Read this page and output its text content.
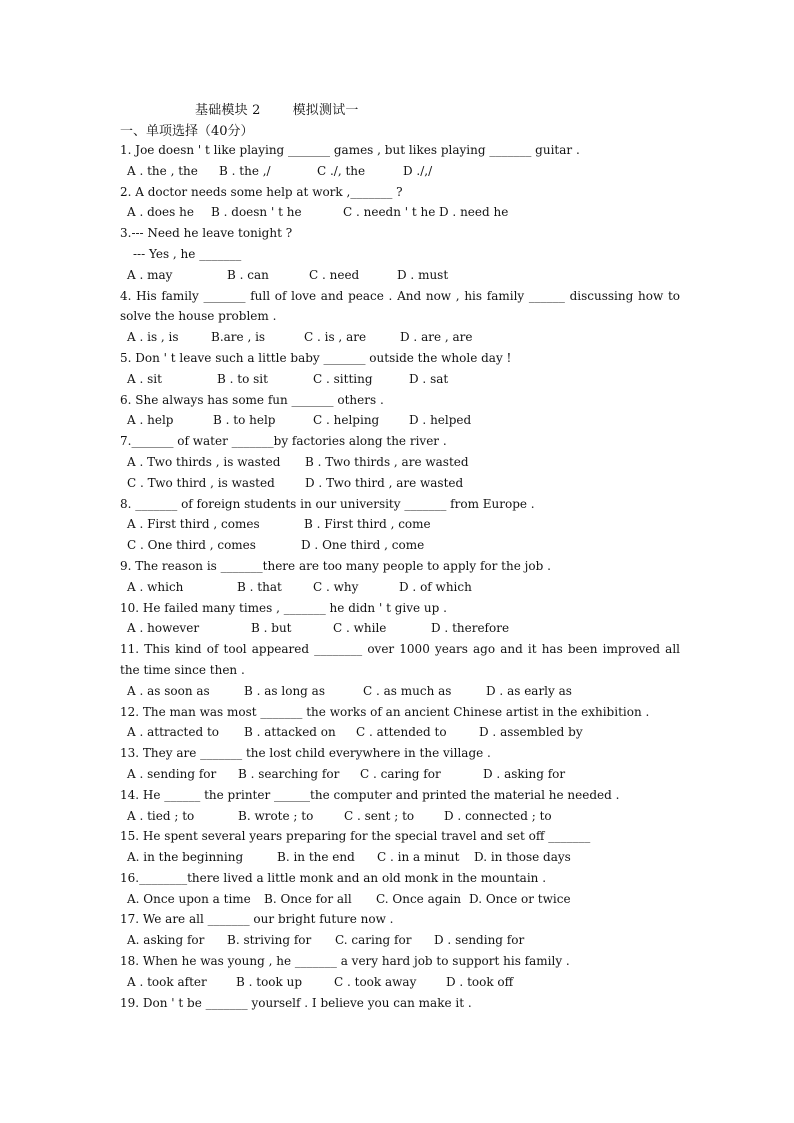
基础模块 2 模拟测试一
一、单项选择（40分）
1. Joe doesn ' t like playing _______ games , but likes playing _______ guitar .
A . the , the B . the ,/	C ./, the	D ./,/
2. A doctor needs some help at work ,_______ ?
A . does he B . doesn ' t he	C . needn ' t he D . need he
3.--- Need he leave tonight ?
--- Yes , he _______
A . may	B . can	C . need	D . must
4. His family _______ full of love and peace . And now , his family ______ discussing how to solve the house problem .
A . is , is	B.are , is	C . is , are	D . are , are
5. Don ' t leave such a little baby _______ outside the whole day !
A . sit	B . to sit	C . sitting	D . sat
6. She always has some fun _______ others .
A . help	B . to help	C . helping D . helped
7._______ of water _______by factories along the river .
A . Two thirds , is wasted B . Two thirds , are wasted
C . Two third , is wasted	D . Two third , are wasted
8. _______ of foreign students in our university _______ from Europe .
A . First third , comes	B . First third , come
C . One third , comes	D . One third , come
9. The reason is _______there are too many people to apply for the job .
A . which	B . that	C . why	D . of which
10. He failed many times , _______ he didn ' t give up .
A . however	B . but	C . while	D . therefore
11. This kind of tool appeared ________ over 1000 years ago and it has been improved all the time since then .
A . as soon as	B . as long as	C . as much as	D . as early as
12. The man was most _______ the works of an ancient Chinese artist in the exhibition .
A . attracted to B . attacked on C . attended to	D . assembled by
13. They are _______ the lost child everywhere in the village .
A . sending for B . searching for C . caring for	D . asking for
14. He ______ the printer ______the computer and printed the material he needed .
A . tied ; to	B. wrote ; to	C . sent ; to D . connected ; to
15. He spent several years preparing for the special travel and set off _______
A. in the beginning	B. in the end C . in a minut D. in those days
16.________there lived a little monk and an old monk in the mountain .
A. Once upon a time B. Once for all C. Once again D. Once or twice
17. We are all _______ our bright future now .
A. asking for B. striving for C. caring for D . sending for
18. When he was young , he _______ a very hard job to support his family .
A . took after B . took up	C . took away D . took off
19. Don ' t be _______ yourself . I believe you can make it .
